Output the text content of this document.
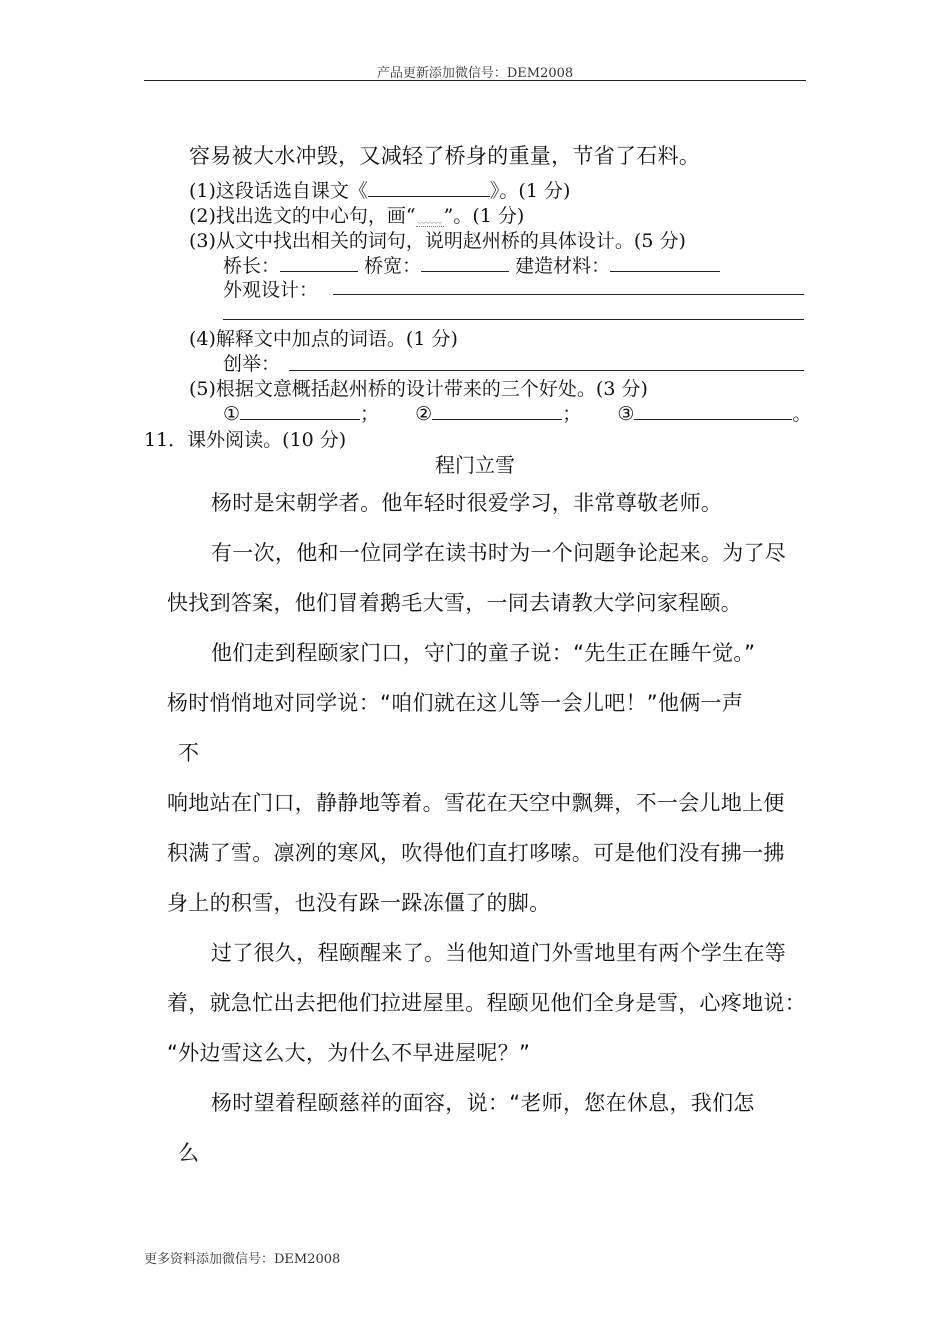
产品更新添加微信号：DEM2008
容易被大水冲毁，又减轻了桥身的重量，节省了石料。
(1)这段话选自课文《	》。(1 分)
(2)找出选文的中心句，画“ ﹏﹏ ”。(1 分)
(3)从文中找出相关的词句，说明赵州桥的具体设计。(5 分)
桥长：	桥宽：	建造材料：
外观设计：
(4)解释文中加点的词语。(1 分)
创举：
(5)根据文意概括赵州桥的设计带来的三个好处。(3 分)
①	； ②	； ③	。
11．课外阅读。(10 分)
程门立雪
杨时是宋朝学者。他年轻时很爱学习，非常尊敬老师。
有一次，他和一位同学在读书时为一个问题争论起来。为了尽
快找到答案，他们冒着鹅毛大雪，一同去请教大学问家程颐。
他们走到程颐家门口，守门的童子说：“先生正在睡午觉。”
杨时悄悄地对同学说：“咱们就在这儿等一会儿吧！”他俩一声
不
响地站在门口，静静地等着。雪花在天空中飘舞，不一会儿地上便
积满了雪。凛冽的寒风，吹得他们直打哆嗦。可是他们没有拂一拂
身上的积雪，也没有跺一跺冻僵了的脚。
过了很久，程颐醒来了。当他知道门外雪地里有两个学生在等
着，就急忙出去把他们拉进屋里。程颐见他们全身是雪，心疼地说：
“外边雪这么大，为什么不早进屋呢？”
杨时望着程颐慈祥的面容，说：“老师，您在休息，我们怎
么
更多资料添加微信号：DEM2008
